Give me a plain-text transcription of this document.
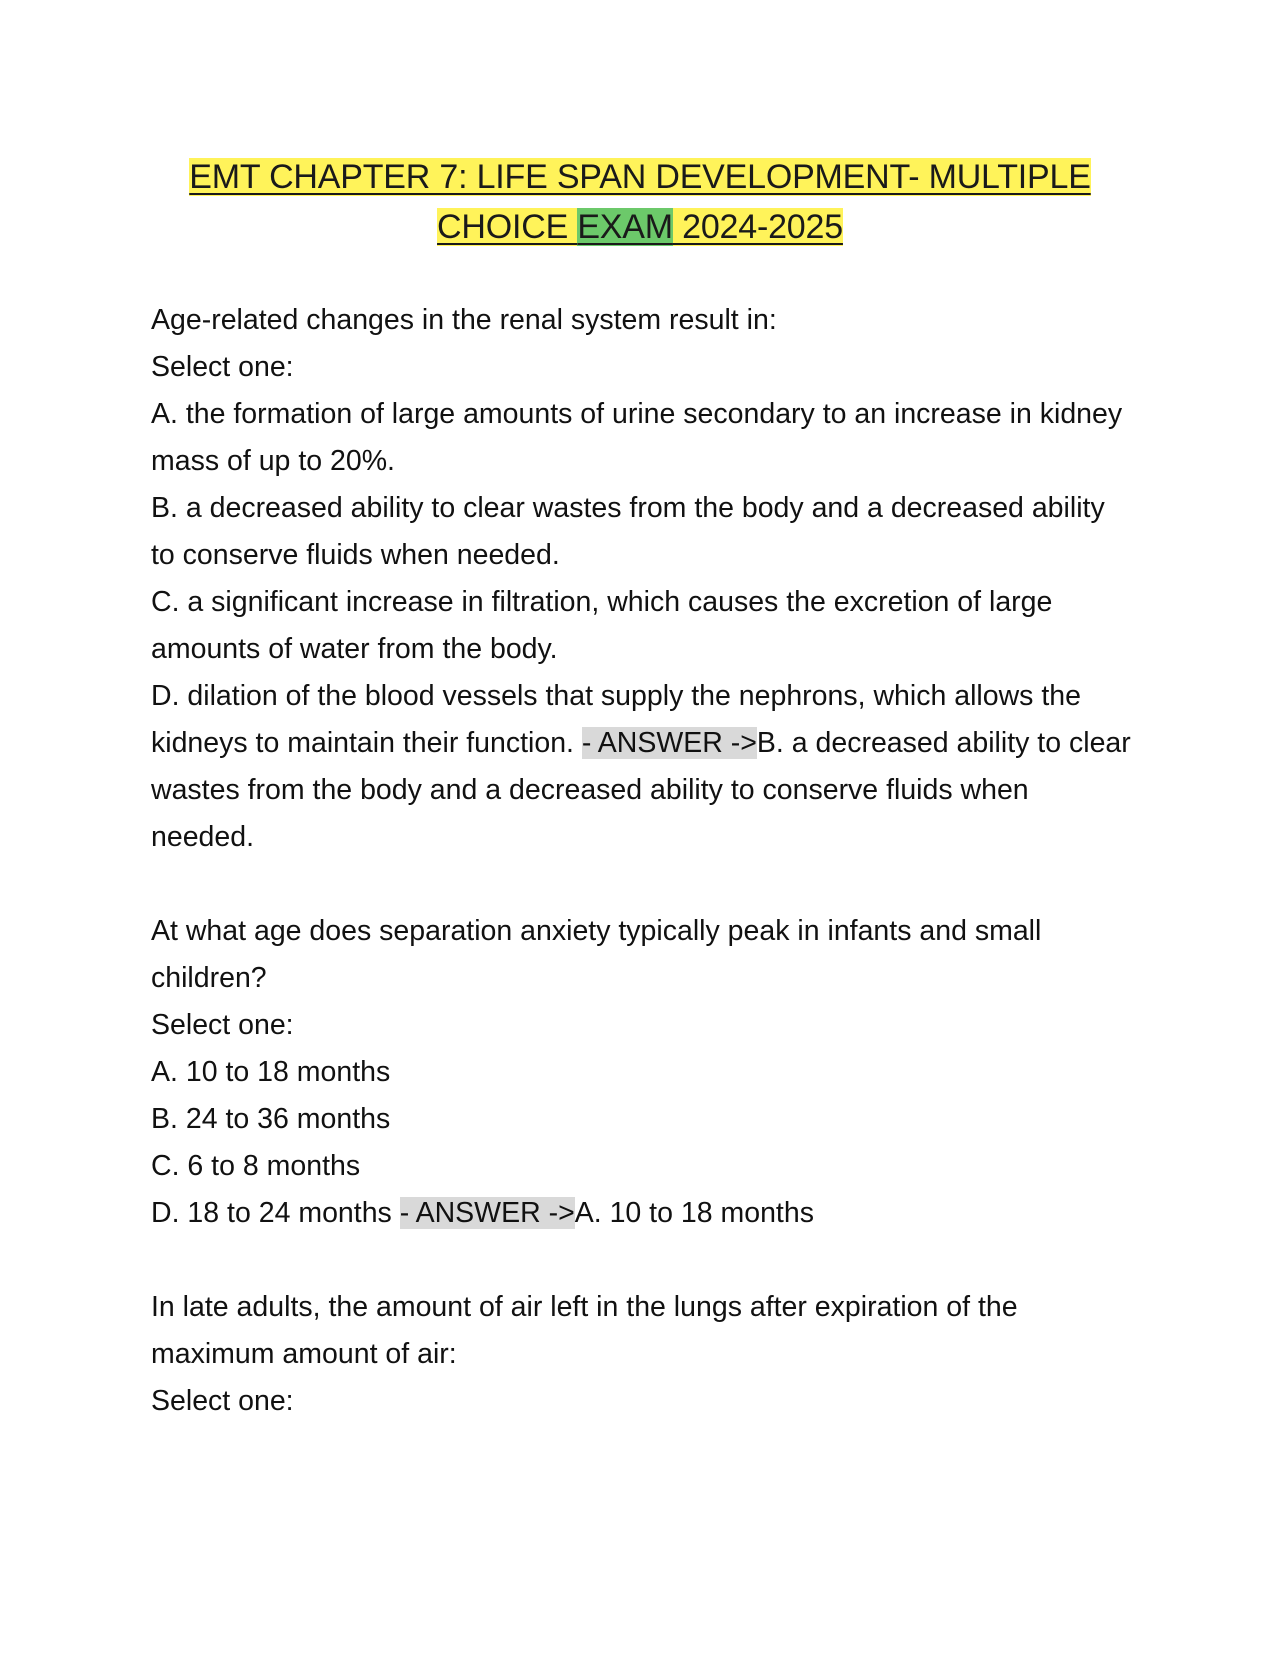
EMT CHAPTER 7: LIFE SPAN DEVELOPMENT- MULTIPLE
CHOICE EXAM 2024-2025

Age-related changes in the renal system result in:

Select one:

A. the formation of large amounts of urine secondary to an increase in kidney mass of up to 20%.

B. a decreased ability to clear wastes from the body and a decreased ability to conserve fluids when needed.

C. a significant increase in filtration, which causes the excretion of large amounts of water from the body.

D. dilation of the blood vessels that supply the nephrons, which allows the kidneys to maintain their function. - ANSWER ->B. a decreased ability to clear wastes from the body and a decreased ability to conserve fluids when needed.

At what age does separation anxiety typically peak in infants and small children?

Select one:

A. 10 to 18 months

B. 24 to 36 months

C. 6 to 8 months

D. 18 to 24 months - ANSWER ->A. 10 to 18 months

In late adults, the amount of air left in the lungs after expiration of the maximum amount of air:

Select one:
